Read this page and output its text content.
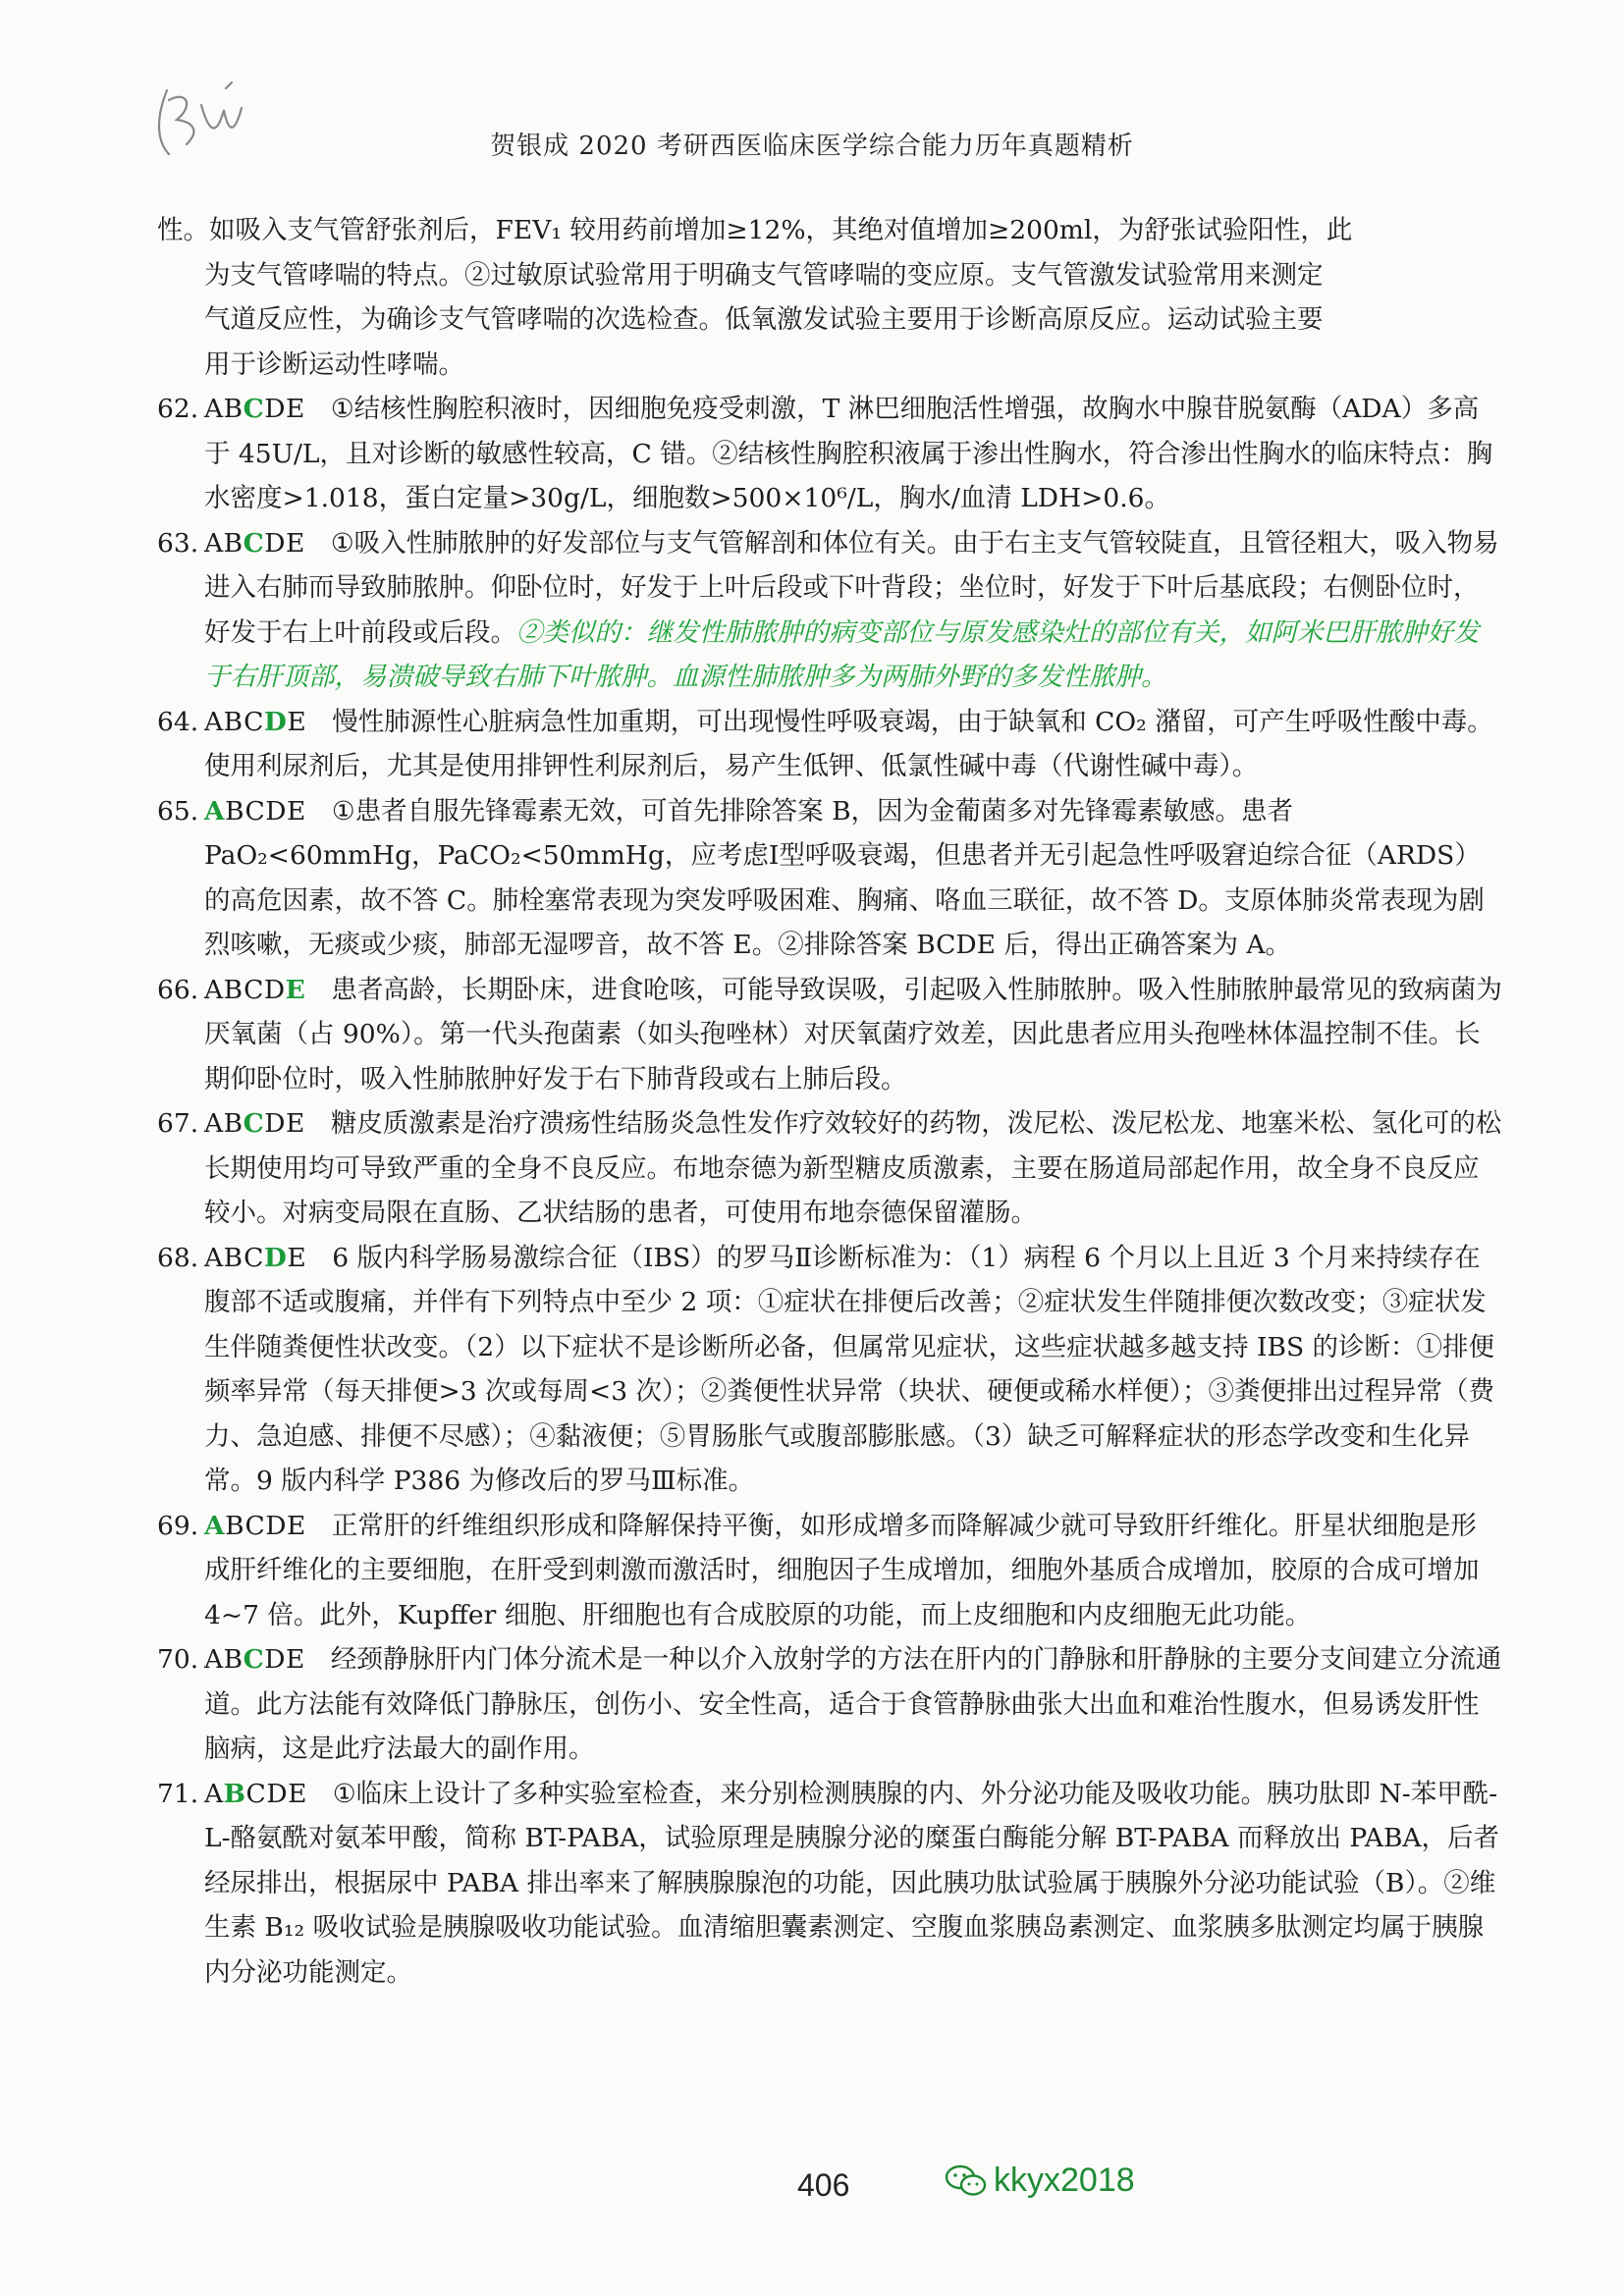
贺银成 2020 考研西医临床医学综合能力历年真题精析
性。如吸入支气管舒张剂后，FEV₁ 较用药前增加≥12%，其绝对值增加≥200ml，为舒张试验阳性，此
为支气管哮喘的特点。②过敏原试验常用于明确支气管哮喘的变应原。支气管激发试验常用来测定
气道反应性，为确诊支气管哮喘的次选检查。低氧激发试验主要用于诊断高原反应。运动试验主要
用于诊断运动性哮喘。
62. ABCDE ①结核性胸腔积液时，因细胞免疫受刺激，T 淋巴细胞活性增强，故胸水中腺苷脱氨酶（ADA）多高于 45U/L，且对诊断的敏感性较高，C 错。②结核性胸腔积液属于渗出性胸水，符合渗出性胸水的临床特点：胸水密度>1.018，蛋白定量>30g/L，细胞数>500×10⁶/L，胸水/血清 LDH>0.6。
63. ABCDE ①吸入性肺脓肿的好发部位与支气管解剖和体位有关。由于右主支气管较陡直，且管径粗大，吸入物易进入右肺而导致肺脓肿。仰卧位时，好发于上叶后段或下叶背段；坐位时，好发于下叶后基底段；右侧卧位时，好发于右上叶前段或后段。②类似的：继发性肺脓肿的病变部位与原发感染灶的部位有关，如阿米巴肝脓肿好发于右肝顶部，易溃破导致右肺下叶脓肿。血源性肺脓肿多为两肺外野的多发性脓肿。
64. ABCDE 慢性肺源性心脏病急性加重期，可出现慢性呼吸衰竭，由于缺氧和 CO₂ 潴留，可产生呼吸性酸中毒。使用利尿剂后，尤其是使用排钾性利尿剂后，易产生低钾、低氯性碱中毒（代谢性碱中毒）。
65. ABCDE ①患者自服先锋霉素无效，可首先排除答案 B，因为金葡菌多对先锋霉素敏感。患者 PaO₂<60mmHg，PaCO₂<50mmHg，应考虑Ⅰ型呼吸衰竭，但患者并无引起急性呼吸窘迫综合征（ARDS）的高危因素，故不答 C。肺栓塞常表现为突发呼吸困难、胸痛、咯血三联征，故不答 D。支原体肺炎常表现为剧烈咳嗽，无痰或少痰，肺部无湿啰音，故不答 E。②排除答案 BCDE 后，得出正确答案为 A。
66. ABCDE 患者高龄，长期卧床，进食呛咳，可能导致误吸，引起吸入性肺脓肿。吸入性肺脓肿最常见的致病菌为厌氧菌（占 90%）。第一代头孢菌素（如头孢唑林）对厌氧菌疗效差，因此患者应用头孢唑林体温控制不佳。长期仰卧位时，吸入性肺脓肿好发于右下肺背段或右上肺后段。
67. ABCDE 糖皮质激素是治疗溃疡性结肠炎急性发作疗效较好的药物，泼尼松、泼尼松龙、地塞米松、氢化可的松长期使用均可导致严重的全身不良反应。布地奈德为新型糖皮质激素，主要在肠道局部起作用，故全身不良反应较小。对病变局限在直肠、乙状结肠的患者，可使用布地奈德保留灌肠。
68. ABCDE 6 版内科学肠易激综合征（IBS）的罗马Ⅱ诊断标准为：（1）病程 6 个月以上且近 3 个月来持续存在腹部不适或腹痛，并伴有下列特点中至少 2 项：①症状在排便后改善；②症状发生伴随排便次数改变；③症状发生伴随粪便性状改变。（2）以下症状不是诊断所必备，但属常见症状，这些症状越多越支持 IBS 的诊断：①排便频率异常（每天排便>3 次或每周<3 次）；②粪便性状异常（块状、硬便或稀水样便）；③粪便排出过程异常（费力、急迫感、排便不尽感）；④黏液便；⑤胃肠胀气或腹部膨胀感。（3）缺乏可解释症状的形态学改变和生化异常。9 版内科学 P386 为修改后的罗马Ⅲ标准。
69. ABCDE 正常肝的纤维组织形成和降解保持平衡，如形成增多而降解减少就可导致肝纤维化。肝星状细胞是形成肝纤维化的主要细胞，在肝受到刺激而激活时，细胞因子生成增加，细胞外基质合成增加，胶原的合成可增加 4~7 倍。此外，Kupffer 细胞、肝细胞也有合成胶原的功能，而上皮细胞和内皮细胞无此功能。
70. ABCDE 经颈静脉肝内门体分流术是一种以介入放射学的方法在肝内的门静脉和肝静脉的主要分支间建立分流通道。此方法能有效降低门静脉压，创伤小、安全性高，适合于食管静脉曲张大出血和难治性腹水，但易诱发肝性脑病，这是此疗法最大的副作用。
71. ABCDE ①临床上设计了多种实验室检查，来分别检测胰腺的内、外分泌功能及吸收功能。胰功肽即 N-苯甲酰-L-酪氨酰对氨苯甲酸，简称 BT-PABA，试验原理是胰腺分泌的糜蛋白酶能分解 BT-PABA 而释放出 PABA，后者经尿排出，根据尿中 PABA 排出率来了解胰腺腺泡的功能，因此胰功肽试验属于胰腺外分泌功能试验（B）。②维生素 B₁₂ 吸收试验是胰腺吸收功能试验。血清缩胆囊素测定、空腹血浆胰岛素测定、血浆胰多肽测定均属于胰腺内分泌功能测定。
406	kkyx2018
